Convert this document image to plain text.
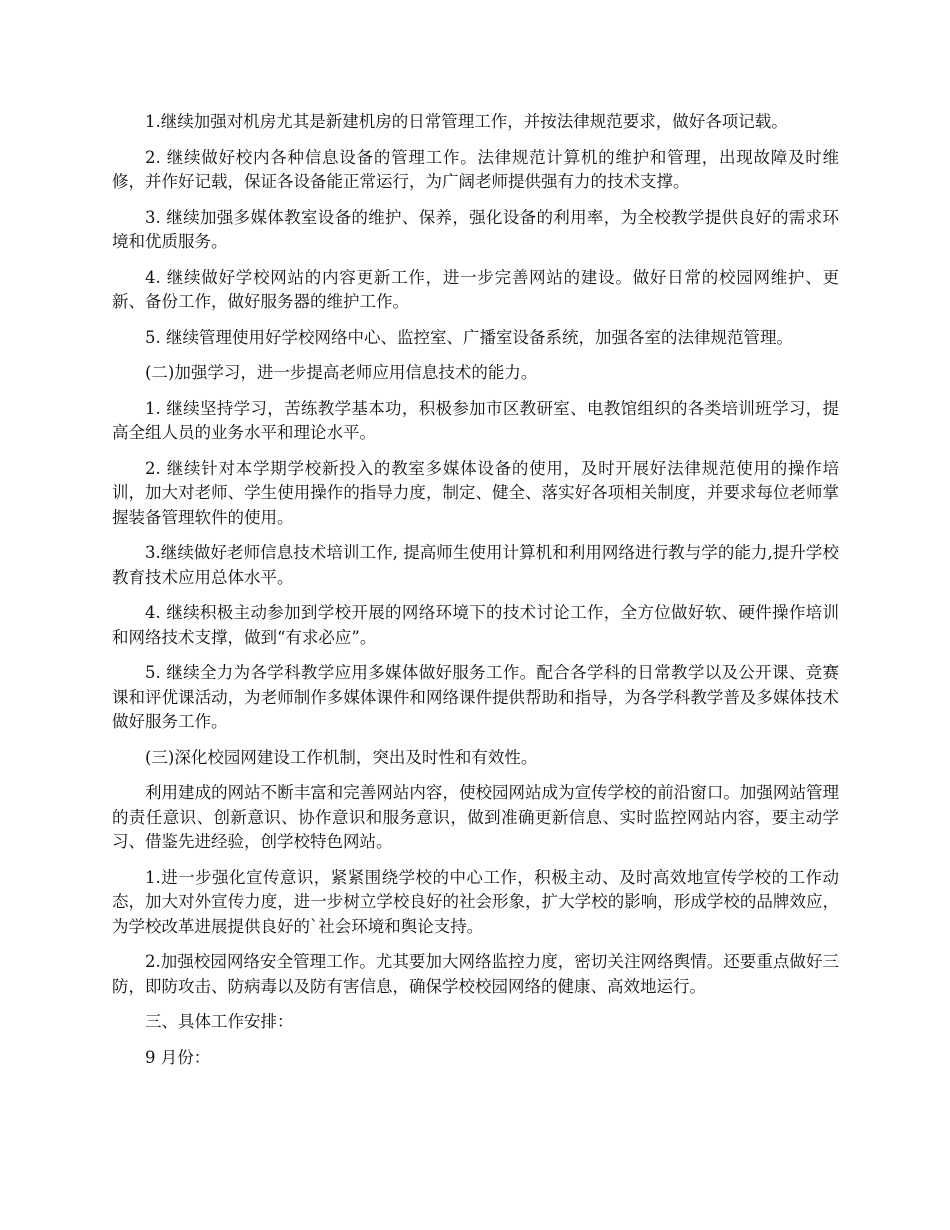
1.继续加强对机房尤其是新建机房的日常管理工作，并按法律规范要求，做好各项记载。

2. 继续做好校内各种信息设备的管理工作。法律规范计算机的维护和管理，出现故障及时维修，并作好记载，保证各设备能正常运行，为广阔老师提供强有力的技术支撑。

3. 继续加强多媒体教室设备的维护、保养，强化设备的利用率，为全校教学提供良好的需求环境和优质服务。

4. 继续做好学校网站的内容更新工作，进一步完善网站的建设。做好日常的校园网维护、更新、备份工作，做好服务器的维护工作。

5. 继续管理使用好学校网络中心、监控室、广播室设备系统，加强各室的法律规范管理。

(二)加强学习，进一步提高老师应用信息技术的能力。

1. 继续坚持学习，苦练教学基本功，积极参加市区教研室、电教馆组织的各类培训班学习，提高全组人员的业务水平和理论水平。

2. 继续针对本学期学校新投入的教室多媒体设备的使用，及时开展好法律规范使用的操作培训，加大对老师、学生使用操作的指导力度，制定、健全、落实好各项相关制度，并要求每位老师掌握装备管理软件的使用。

3.继续做好老师信息技术培训工作, 提高师生使用计算机和利用网络进行教与学的能力,提升学校教育技术应用总体水平。

4. 继续积极主动参加到学校开展的网络环境下的技术讨论工作，全方位做好软、硬件操作培训和网络技术支撑，做到“有求必应”。

5. 继续全力为各学科教学应用多媒体做好服务工作。配合各学科的日常教学以及公开课、竞赛课和评优课活动，为老师制作多媒体课件和网络课件提供帮助和指导，为各学科教学普及多媒体技术做好服务工作。

(三)深化校园网建设工作机制，突出及时性和有效性。

利用建成的网站不断丰富和完善网站内容，使校园网站成为宣传学校的前沿窗口。加强网站管理的责任意识、创新意识、协作意识和服务意识，做到准确更新信息、实时监控网站内容，要主动学习、借鉴先进经验，创学校特色网站。

1.进一步强化宣传意识，紧紧围绕学校的中心工作，积极主动、及时高效地宣传学校的工作动态，加大对外宣传力度，进一步树立学校良好的社会形象，扩大学校的影响，形成学校的品牌效应，为学校改革进展提供良好的`社会环境和舆论支持。

2.加强校园网络安全管理工作。尤其要加大网络监控力度，密切关注网络舆情。还要重点做好三防，即防攻击、防病毒以及防有害信息，确保学校校园网络的健康、高效地运行。

三、具体工作安排：

9 月份：
